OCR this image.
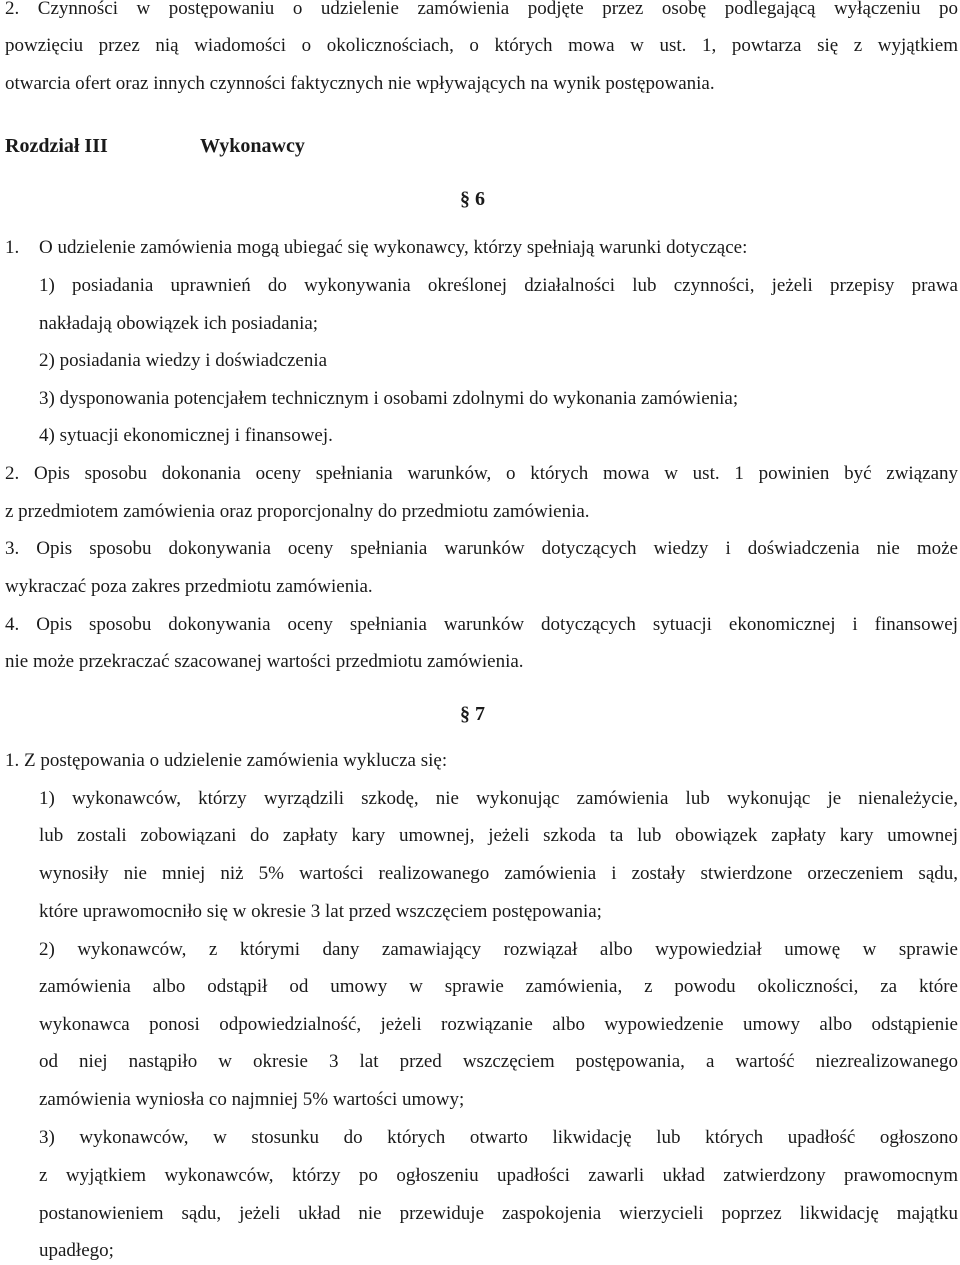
2. Czynności w postępowaniu o udzielenie zamówienia podjęte przez osobę podlegającą wyłączeniu po
powzięciu przez nią wiadomości o okolicznościach, o których mowa w ust. 1, powtarza się z wyjątkiem
otwarcia ofert oraz innych czynności faktycznych nie wpływających na wynik postępowania.
Rozdział III	Wykonawcy
§ 6
1. O udzielenie zamówienia mogą ubiegać się wykonawcy, którzy spełniają warunki dotyczące:
1) posiadania uprawnień do wykonywania określonej działalności lub czynności, jeżeli przepisy prawa
nakładają obowiązek ich posiadania;
2) posiadania wiedzy i doświadczenia
3) dysponowania potencjałem technicznym i osobami zdolnymi do wykonania zamówienia;
4) sytuacji ekonomicznej i finansowej.
2. Opis sposobu dokonania oceny spełniania warunków, o których mowa w ust. 1 powinien być związany
z przedmiotem zamówienia oraz proporcjonalny do przedmiotu zamówienia.
3. Opis sposobu dokonywania oceny spełniania warunków dotyczących wiedzy i doświadczenia nie może
wykraczać poza zakres przedmiotu zamówienia.
4. Opis sposobu dokonywania oceny spełniania warunków dotyczących sytuacji ekonomicznej i finansowej
nie może przekraczać szacowanej wartości przedmiotu zamówienia.
§ 7
1. Z postępowania o udzielenie zamówienia wyklucza się:
1) wykonawców, którzy wyrządzili szkodę, nie wykonując zamówienia lub wykonując je nienależycie,
lub zostali zobowiązani do zapłaty kary umownej, jeżeli szkoda ta lub obowiązek zapłaty kary umownej
wynosiły nie mniej niż 5% wartości realizowanego zamówienia i zostały stwierdzone orzeczeniem sądu,
które uprawomocniło się w okresie 3 lat przed wszczęciem postępowania;
2) wykonawców, z którymi dany zamawiający rozwiązał albo wypowiedział umowę w sprawie
zamówienia albo odstąpił od umowy w sprawie zamówienia, z powodu okoliczności, za które
wykonawca ponosi odpowiedzialność, jeżeli rozwiązanie albo wypowiedzenie umowy albo odstąpienie
od niej nastąpiło w okresie 3 lat przed wszczęciem postępowania, a wartość niezrealizowanego
zamówienia wyniosła co najmniej 5% wartości umowy;
3) wykonawców, w stosunku do których otwarto likwidację lub których upadłość ogłoszono
z wyjątkiem wykonawców, którzy po ogłoszeniu upadłości zawarli układ zatwierdzony prawomocnym
postanowieniem sądu, jeżeli układ nie przewiduje zaspokojenia wierzycieli poprzez likwidację majątku
upadłego;
